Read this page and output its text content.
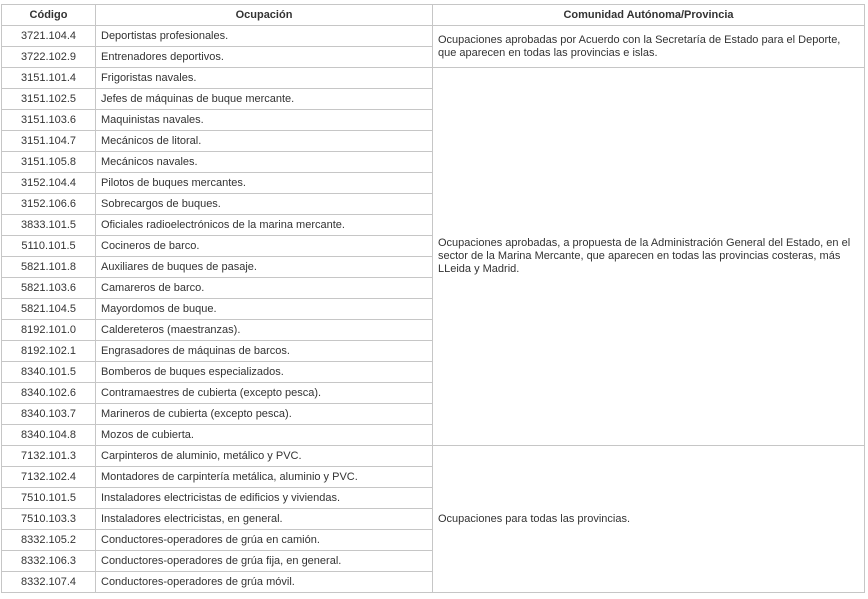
Código	Ocupación	Comunidad Autónoma/Provincia
3721.104.4	Deportistas profesionales.	Ocupaciones aprobadas por Acuerdo con la Secretaría de Estado para el Deporte, que aparecen en todas las provincias e islas.
3722.102.9	Entrenadores deportivos.	
3151.101.4	Frigoristas navales.	Ocupaciones aprobadas, a propuesta de la Administración General del Estado, en el sector de la Marina Mercante, que aparecen en todas las provincias costeras, más LLeida y Madrid.
3151.102.5	Jefes de máquinas de buque mercante.	
3151.103.6	Maquinistas navales.	
3151.104.7	Mecánicos de litoral.	
3151.105.8	Mecánicos navales.	
3152.104.4	Pilotos de buques mercantes.	
3152.106.6	Sobrecargos de buques.	
3833.101.5	Oficiales radioelectrónicos de la marina mercante.	
5110.101.5	Cocineros de barco.	
5821.101.8	Auxiliares de buques de pasaje.	
5821.103.6	Camareros de barco.	
5821.104.5	Mayordomos de buque.	
8192.101.0	Caldereteros (maestranzas).	
8192.102.1	Engrasadores de máquinas de barcos.	
8340.101.5	Bomberos de buques especializados.	
8340.102.6	Contramaestres de cubierta (excepto pesca).	
8340.103.7	Marineros de cubierta (excepto pesca).	
8340.104.8	Mozos de cubierta.	
7132.101.3	Carpinteros de aluminio, metálico y PVC.	Ocupaciones para todas las provincias.
7132.102.4	Montadores de carpintería metálica, aluminio y PVC.	
7510.101.5	Instaladores electricistas de edificios y viviendas.	
7510.103.3	Instaladores electricistas, en general.	
8332.105.2	Conductores-operadores de grúa en camión.	
8332.106.3	Conductores-operadores de grúa fija, en general.	
8332.107.4	Conductores-operadores de grúa móvil.	
